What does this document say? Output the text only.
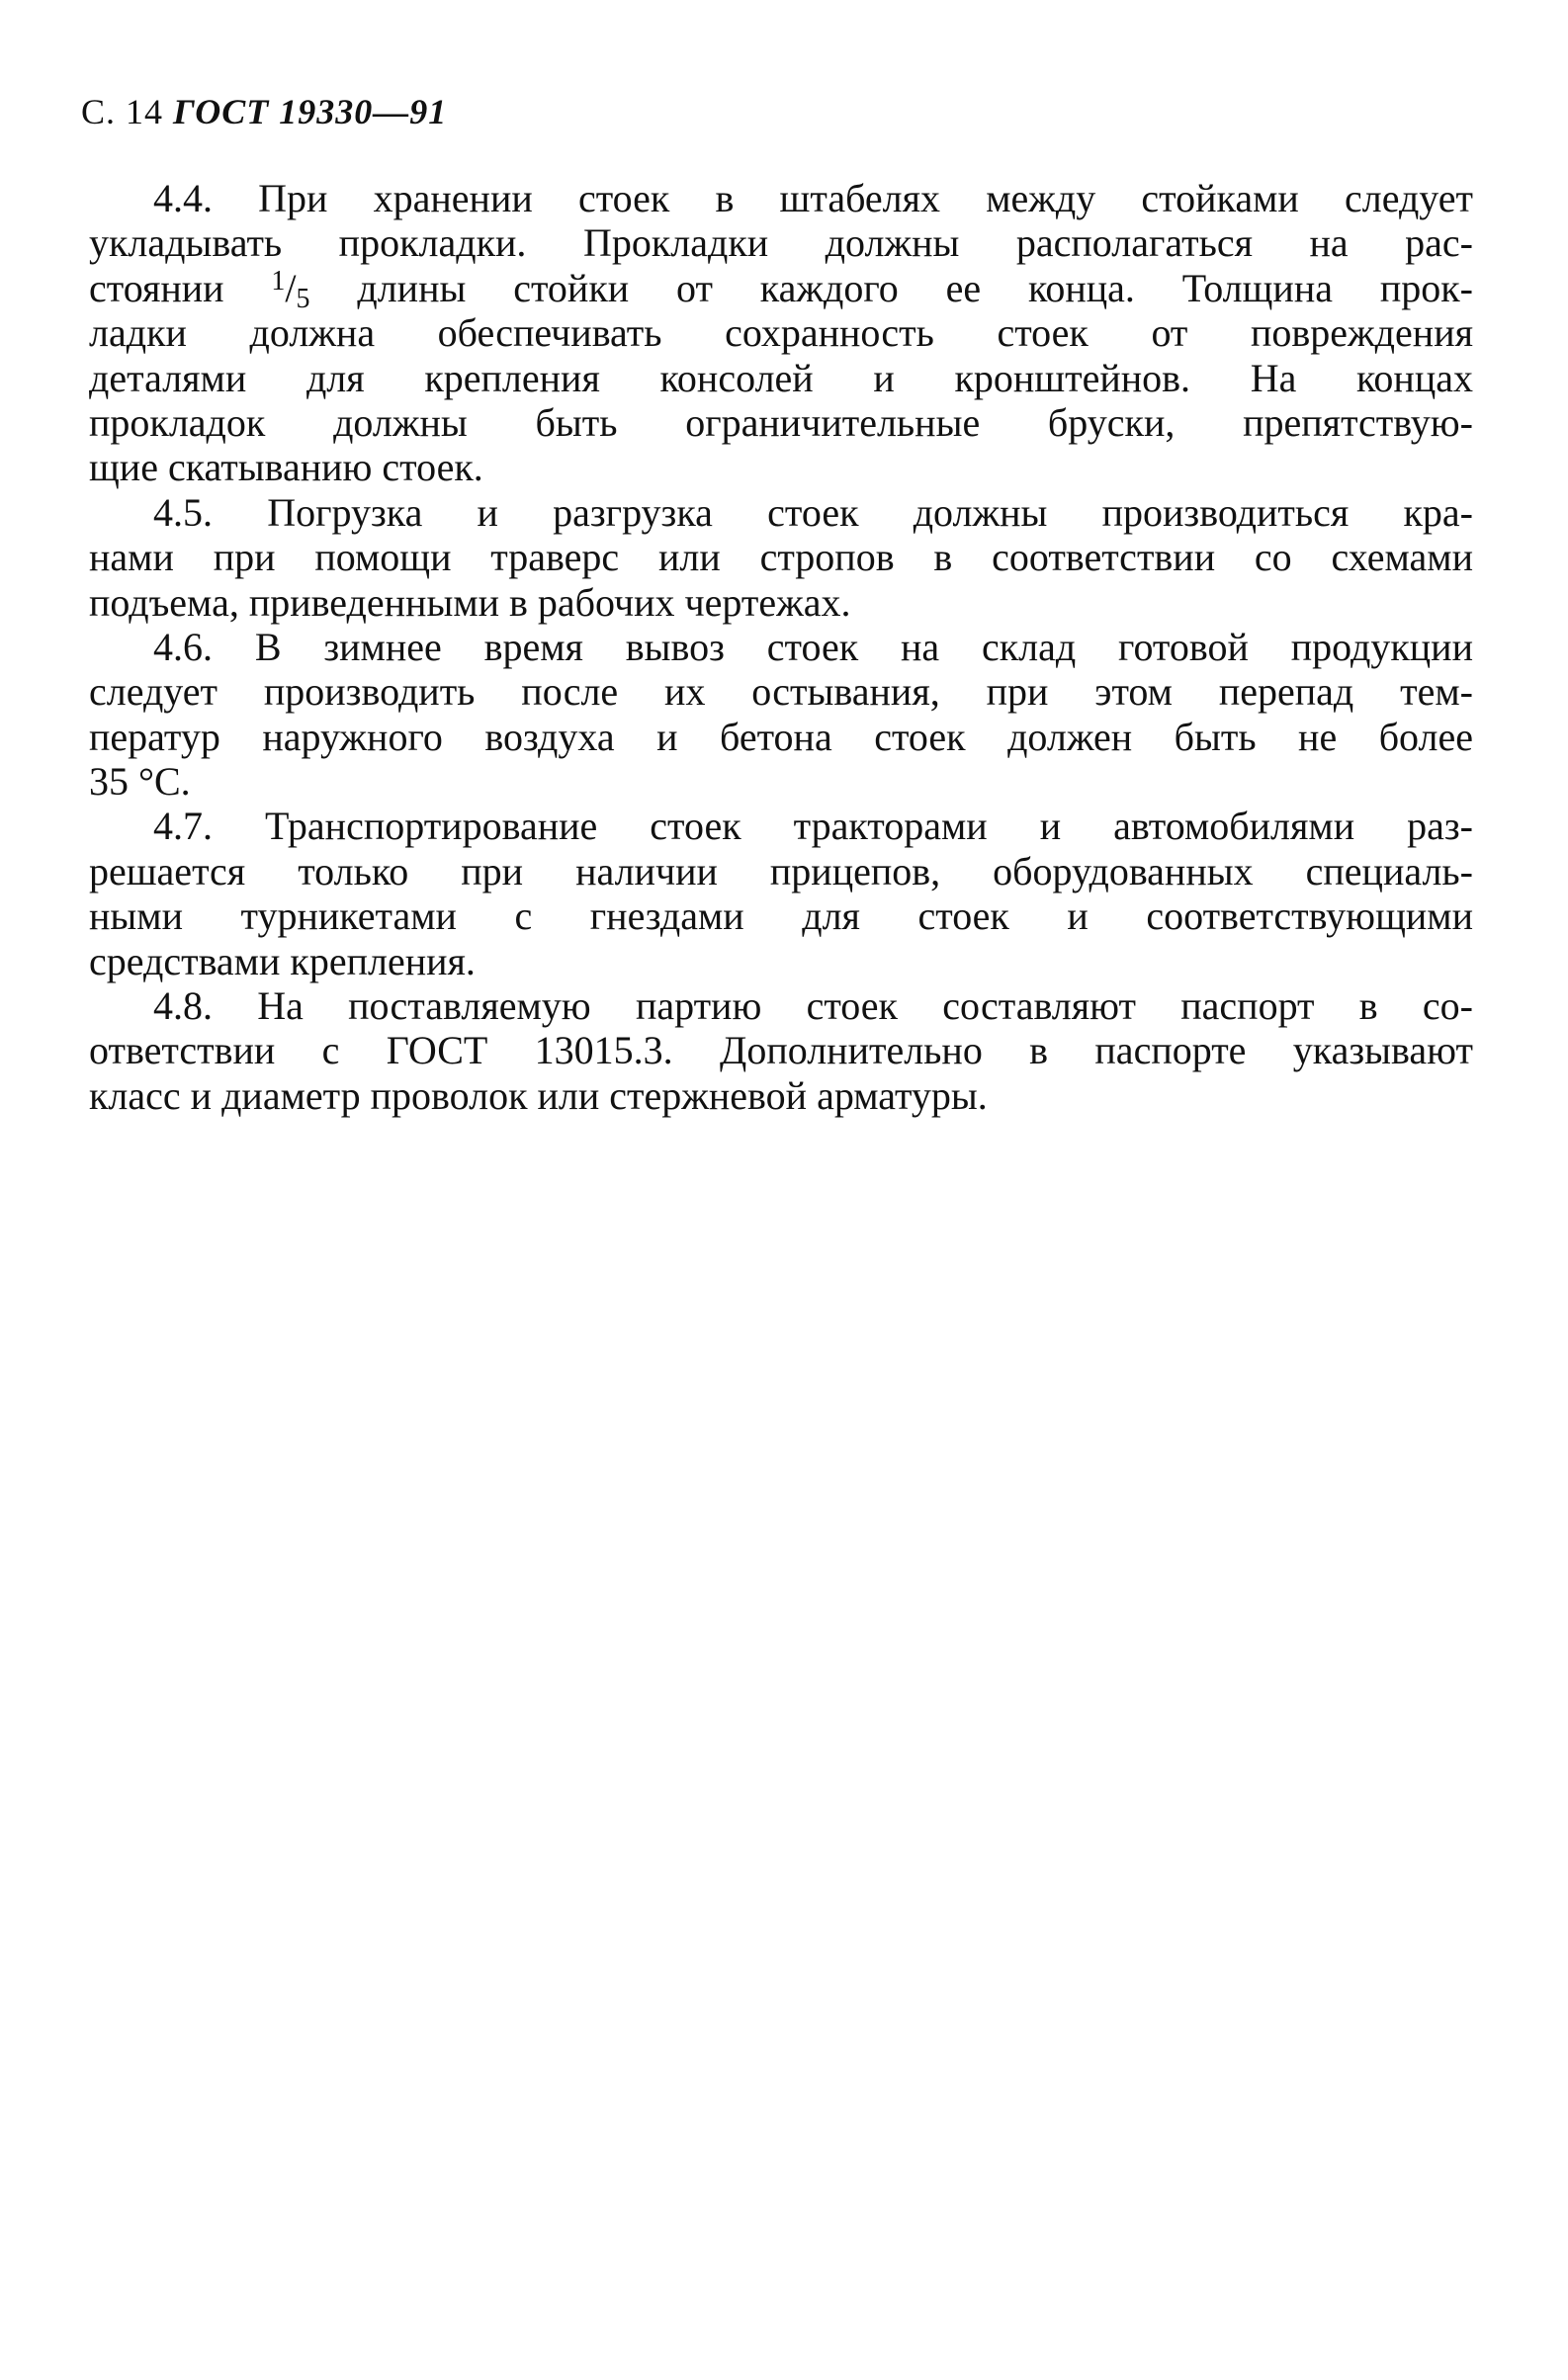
С. 14 ГОСТ 19330—91
4.4. При хранении стоек в штабелях между стойками следует
укладывать прокладки. Прокладки должны располагаться на рас-
стоянии 1/5 длины стойки от каждого ее конца. Толщина прок-
ладки должна обеспечивать сохранность стоек от повреждения
деталями для крепления консолей и кронштейнов. На концах
прокладок должны быть ограничительные бруски, препятствую-
щие скатыванию стоек.
4.5. Погрузка и разгрузка стоек должны производиться кра-
нами при помощи траверс или стропов в соответствии со схемами
подъема, приведенными в рабочих чертежах.
4.6. В зимнее время вывоз стоек на склад готовой продукции
следует производить после их остывания, при этом перепад тем-
ператур наружного воздуха и бетона стоек должен быть не более
35 °С.
4.7. Транспортирование стоек тракторами и автомобилями раз-
решается только при наличии прицепов, оборудованных специаль-
ными турникетами с гнездами для стоек и соответствующими
средствами крепления.
4.8. На поставляемую партию стоек составляют паспорт в со-
ответствии с ГОСТ 13015.3. Дополнительно в паспорте указывают
класс и диаметр проволок или стержневой арматуры.
